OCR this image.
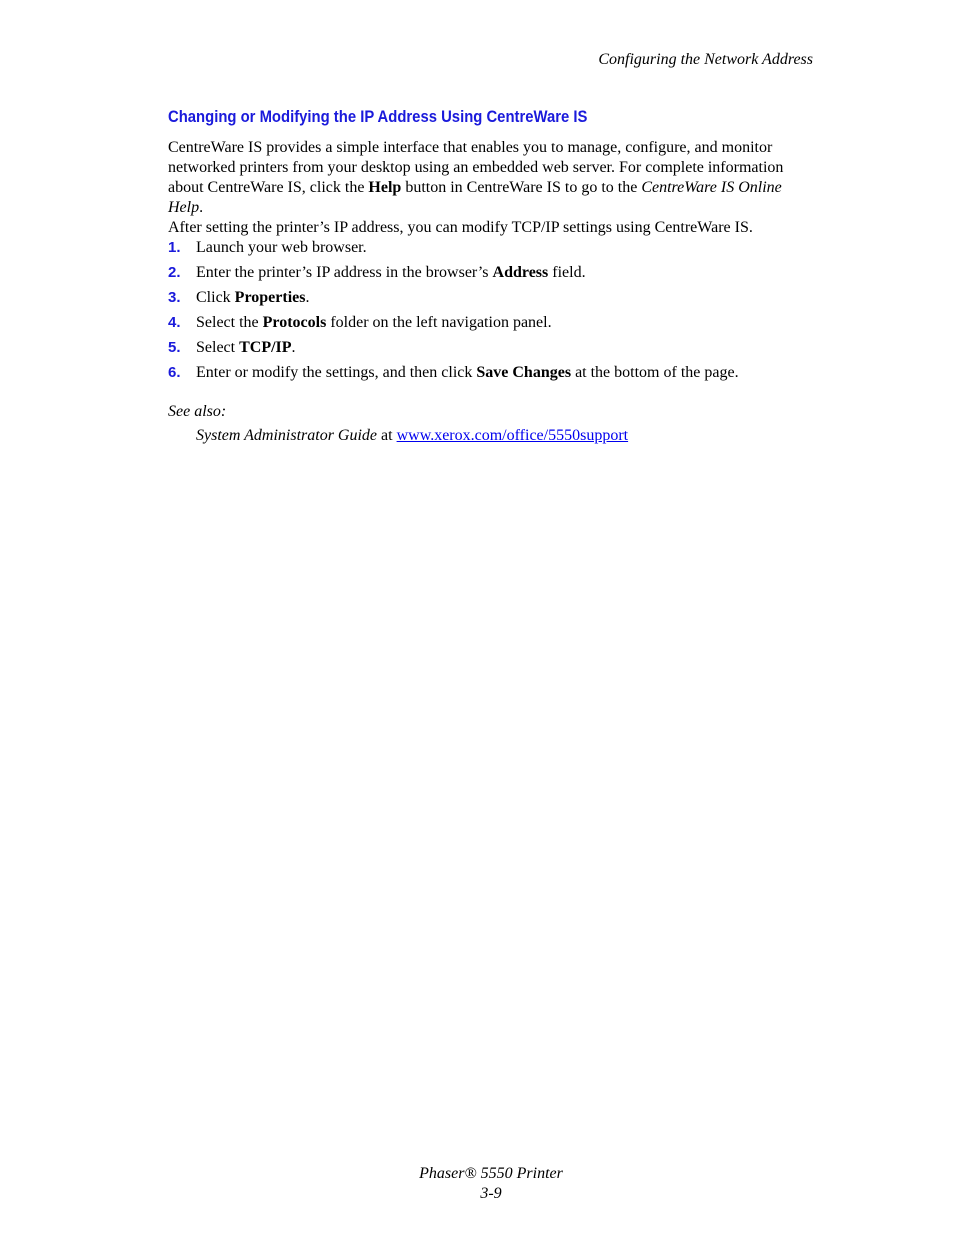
Configuring the Network Address
Changing or Modifying the IP Address Using CentreWare IS

CentreWare IS provides a simple interface that enables you to manage, configure, and monitor networked printers from your desktop using an embedded web server. For complete information about CentreWare IS, click the Help button in CentreWare IS to go to the CentreWare IS Online Help.

After setting the printer’s IP address, you can modify TCP/IP settings using CentreWare IS.

1. Launch your web browser.
2. Enter the printer’s IP address in the browser’s Address field.
3. Click Properties.
4. Select the Protocols folder on the left navigation panel.
5. Select TCP/IP.
6. Enter or modify the settings, and then click Save Changes at the bottom of the page.
See also:
System Administrator Guide at www.xerox.com/office/5550support
Phaser® 5550 Printer
3-9
